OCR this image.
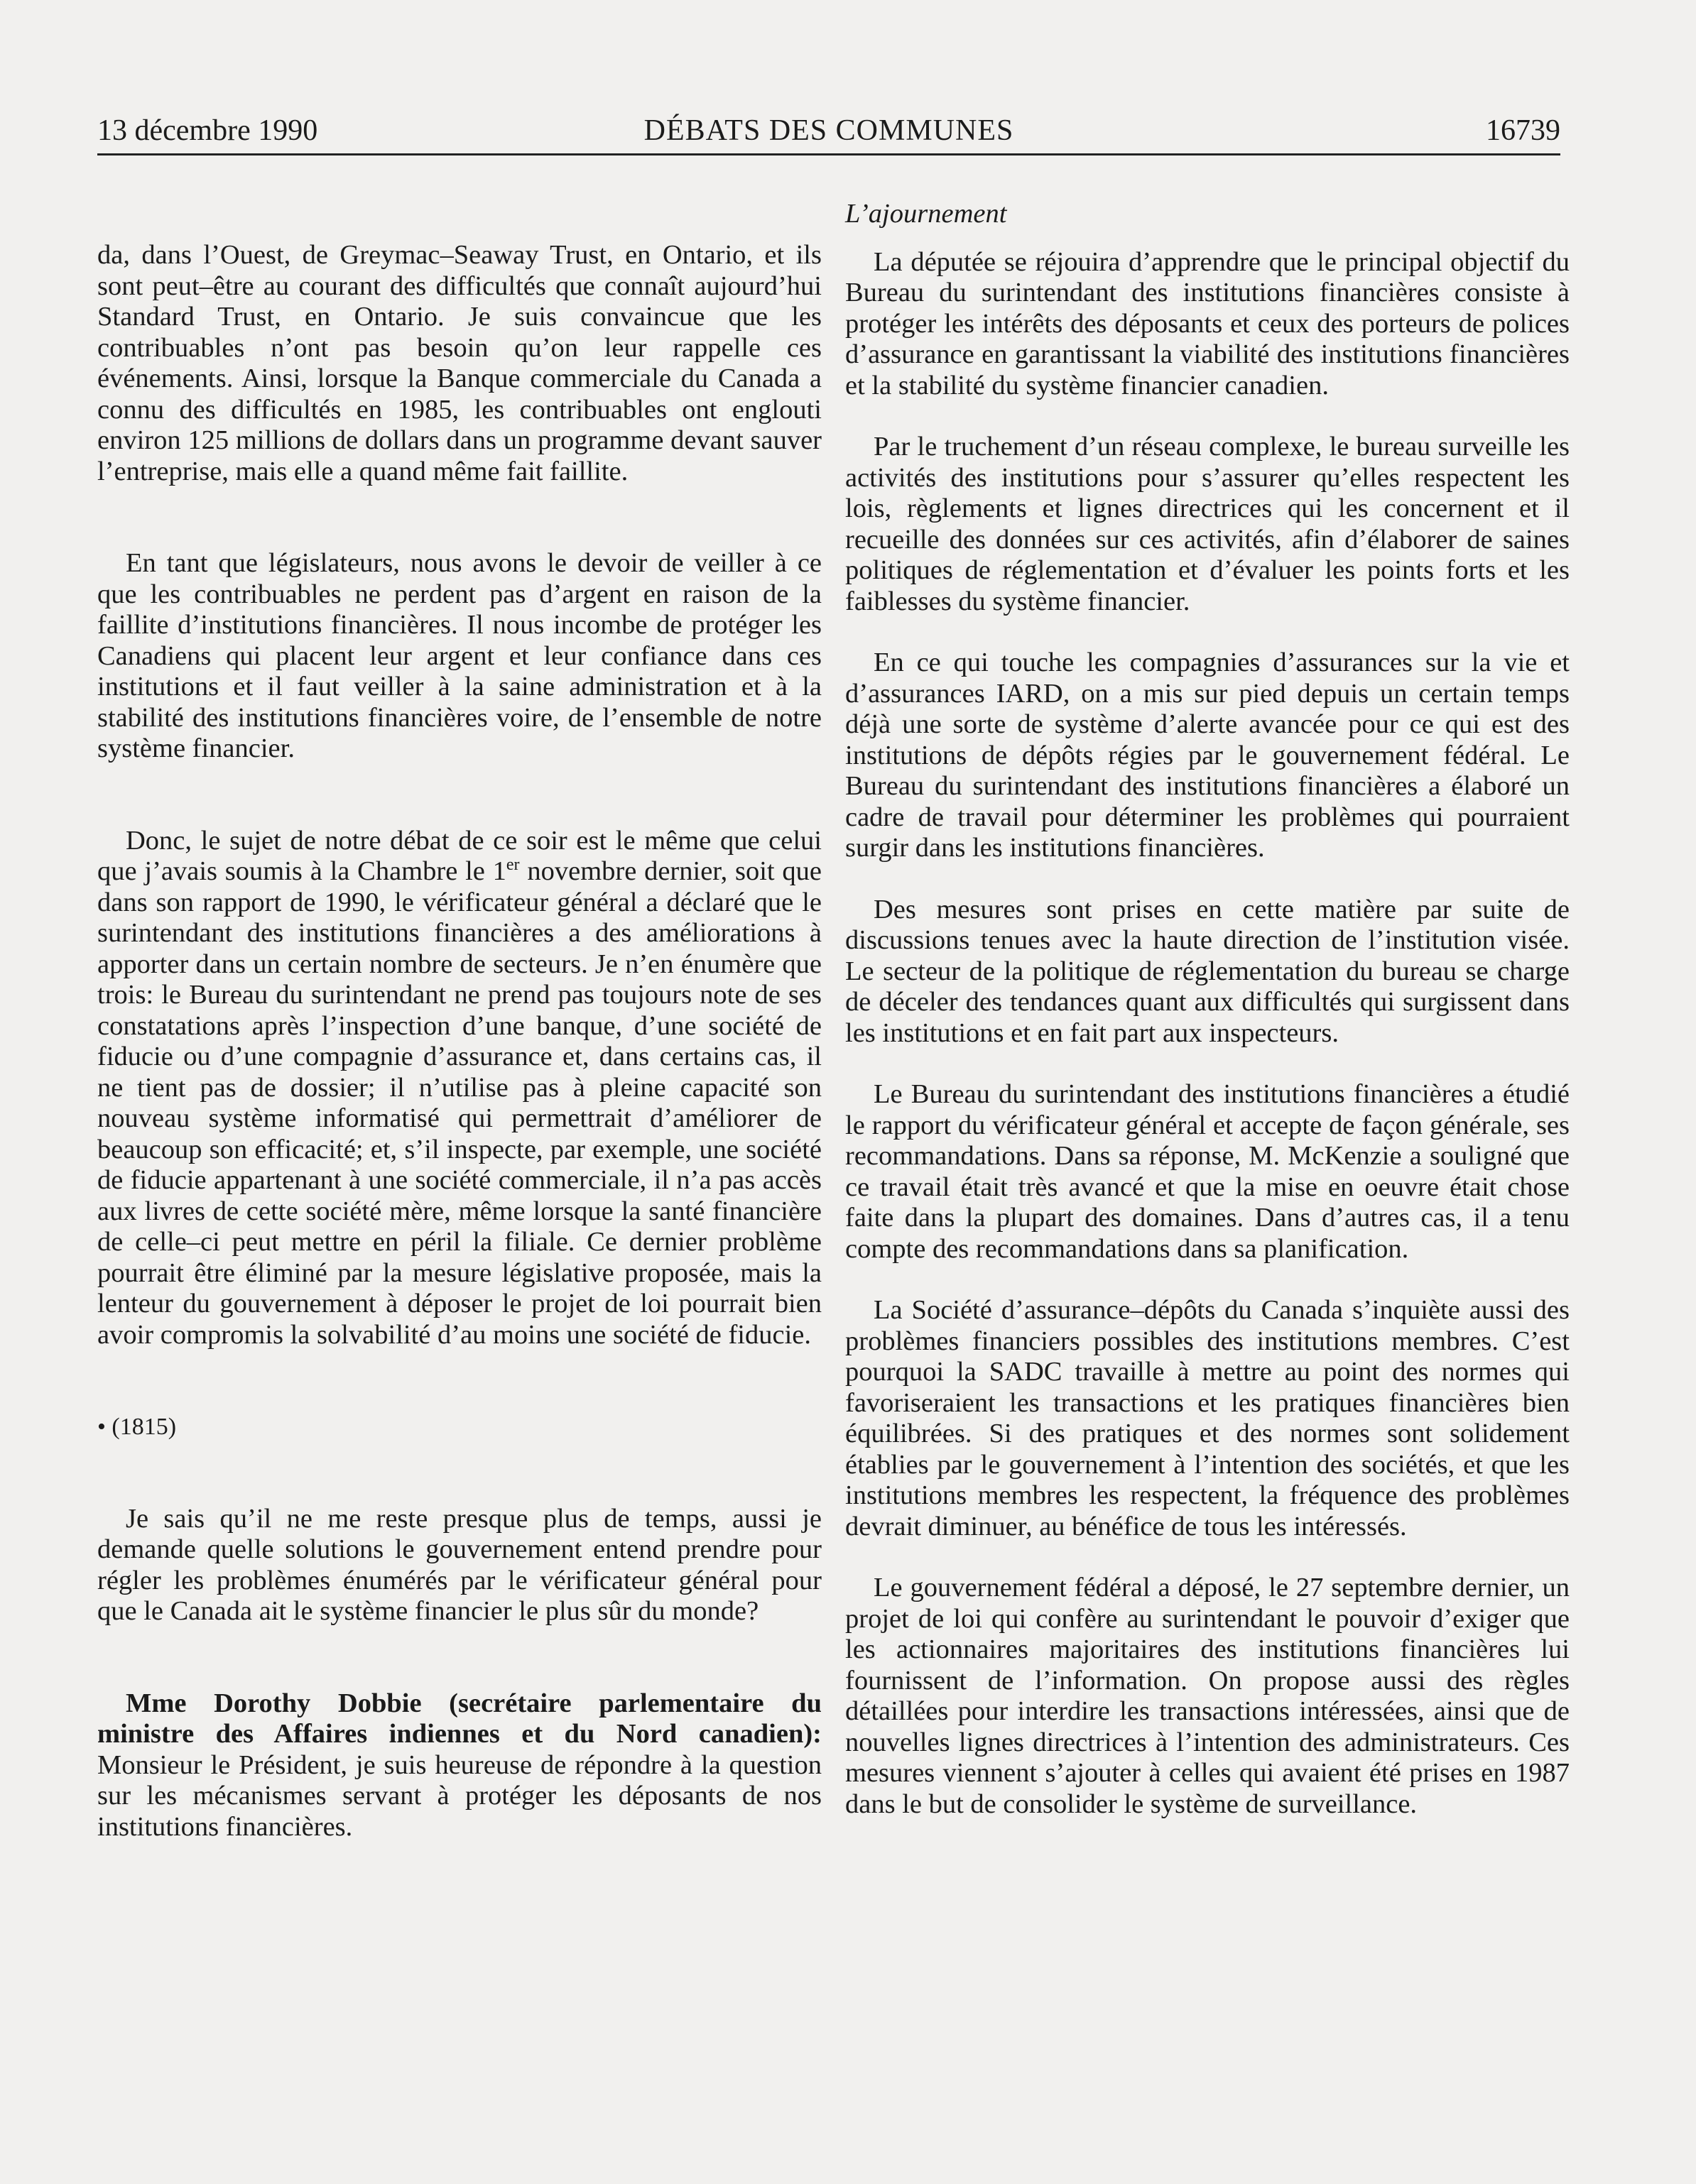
13 décembre 1990	DÉBATS DES COMMUNES	16739

da, dans l’Ouest, de Greymac–Seaway Trust, en Ontario, et ils sont peut–être au courant des difficultés que connaît aujourd’hui Standard Trust, en Ontario. Je suis convaincue que les contribuables n’ont pas besoin qu’on leur rappelle ces événements. Ainsi, lorsque la Banque commerciale du Canada a connu des difficultés en 1985, les contribuables ont englouti environ 125 millions de dollars dans un programme devant sauver l’entreprise, mais elle a quand même fait faillite.

En tant que législateurs, nous avons le devoir de veiller à ce que les contribuables ne perdent pas d’argent en raison de la faillite d’institutions financières. Il nous incombe de protéger les Canadiens qui placent leur argent et leur confiance dans ces institutions et il faut veiller à la saine administration et à la stabilité des institutions financières voire, de l’ensemble de notre système financier.

Donc, le sujet de notre débat de ce soir est le même que celui que j’avais soumis à la Chambre le 1er novembre dernier, soit que dans son rapport de 1990, le vérificateur général a déclaré que le surintendant des institutions financières a des améliorations à apporter dans un certain nombre de secteurs. Je n’en énumère que trois: le Bureau du surintendant ne prend pas toujours note de ses constatations après l’inspection d’une banque, d’une société de fiducie ou d’une compagnie d’assurance et, dans certains cas, il ne tient pas de dossier; il n’utilise pas à pleine capacité son nouveau système informatisé qui permettrait d’améliorer de beaucoup son efficacité; et, s’il inspecte, par exemple, une société de fiducie appartenant à une société commerciale, il n’a pas accès aux livres de cette société mère, même lorsque la santé financière de celle–ci peut mettre en péril la filiale. Ce dernier problème pourrait être éliminé par la mesure législative proposée, mais la lenteur du gouvernement à déposer le projet de loi pourrait bien avoir compromis la solvabilité d’au moins une société de fiducie.

• (1815)

Je sais qu’il ne me reste presque plus de temps, aussi je demande quelle solutions le gouvernement entend prendre pour régler les problèmes énumérés par le vérificateur général pour que le Canada ait le système financier le plus sûr du monde?

Mme Dorothy Dobbie (secrétaire parlementaire du ministre des Affaires indiennes et du Nord canadien): Monsieur le Président, je suis heureuse de répondre à la question sur les mécanismes servant à protéger les déposants de nos institutions financières.

L’ajournement

La députée se réjouira d’apprendre que le principal objectif du Bureau du surintendant des institutions financières consiste à protéger les intérêts des déposants et ceux des porteurs de polices d’assurance en garantissant la viabilité des institutions financières et la stabilité du système financier canadien.

Par le truchement d’un réseau complexe, le bureau surveille les activités des institutions pour s’assurer qu’elles respectent les lois, règlements et lignes directrices qui les concernent et il recueille des données sur ces activités, afin d’élaborer de saines politiques de réglementation et d’évaluer les points forts et les faiblesses du système financier.

En ce qui touche les compagnies d’assurances sur la vie et d’assurances IARD, on a mis sur pied depuis un certain temps déjà une sorte de système d’alerte avancée pour ce qui est des institutions de dépôts régies par le gouvernement fédéral. Le Bureau du surintendant des institutions financières a élaboré un cadre de travail pour déterminer les problèmes qui pourraient surgir dans les institutions financières.

Des mesures sont prises en cette matière par suite de discussions tenues avec la haute direction de l’institution visée. Le secteur de la politique de réglementation du bureau se charge de déceler des tendances quant aux difficultés qui surgissent dans les institutions et en fait part aux inspecteurs.

Le Bureau du surintendant des institutions financières a étudié le rapport du vérificateur général et accepte de façon générale, ses recommandations. Dans sa réponse, M. McKenzie a souligné que ce travail était très avancé et que la mise en oeuvre était chose faite dans la plupart des domaines. Dans d’autres cas, il a tenu compte des recommandations dans sa planification.

La Société d’assurance–dépôts du Canada s’inquiète aussi des problèmes financiers possibles des institutions membres. C’est pourquoi la SADC travaille à mettre au point des normes qui favoriseraient les transactions et les pratiques financières bien équilibrées. Si des pratiques et des normes sont solidement établies par le gouvernement à l’intention des sociétés, et que les institutions membres les respectent, la fréquence des problèmes devrait diminuer, au bénéfice de tous les intéressés.

Le gouvernement fédéral a déposé, le 27 septembre dernier, un projet de loi qui confère au surintendant le pouvoir d’exiger que les actionnaires majoritaires des institutions financières lui fournissent de l’information. On propose aussi des règles détaillées pour interdire les transactions intéressées, ainsi que de nouvelles lignes directrices à l’intention des administrateurs. Ces mesures viennent s’ajouter à celles qui avaient été prises en 1987 dans le but de consolider le système de surveillance.
